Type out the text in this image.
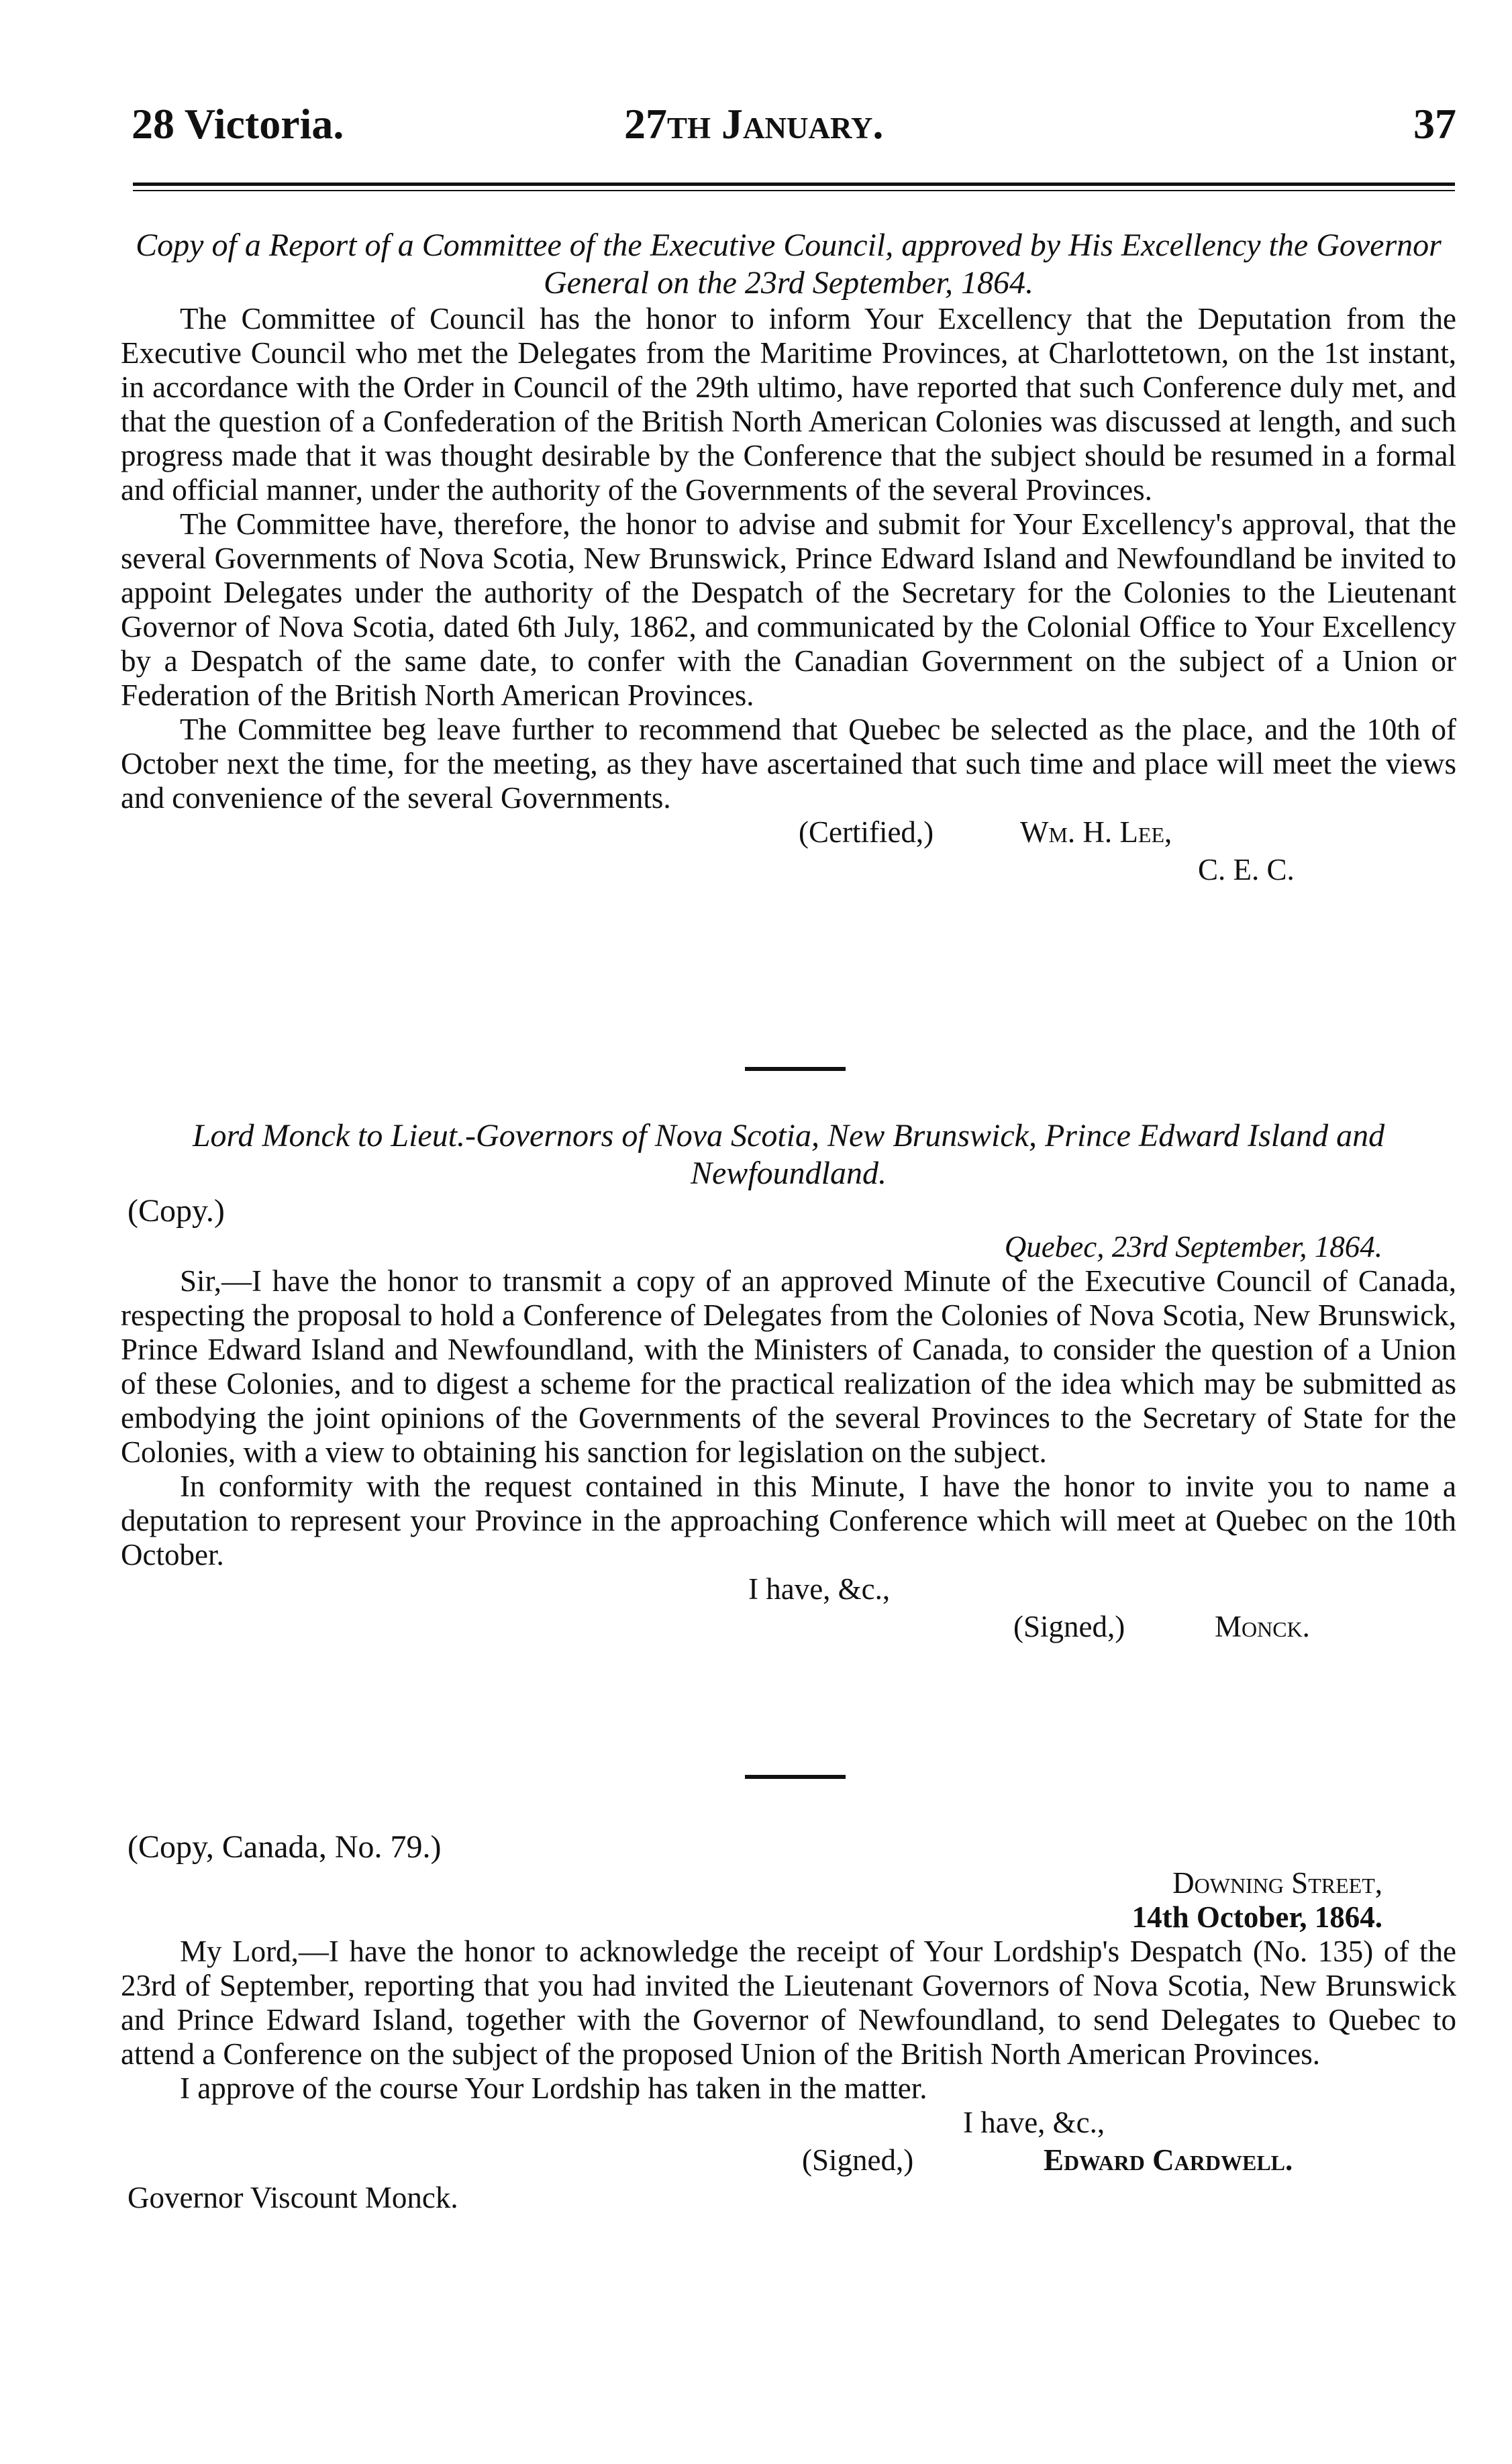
28 Victoria.	27th January.	37

Copy of a Report of a Committee of the Executive Council, approved by His Excellency the Governor General on the 23rd September, 1864.

The Committee of Council has the honor to inform Your Excellency that the Deputation from the Executive Council who met the Delegates from the Maritime Provinces, at Charlottetown, on the 1st instant, in accordance with the Order in Council of the 29th ultimo, have reported that such Conference duly met, and that the question of a Confederation of the British North American Colonies was discussed at length, and such progress made that it was thought desirable by the Conference that the subject should be resumed in a formal and official manner, under the authority of the Governments of the several Provinces.

The Committee have, therefore, the honor to advise and submit for Your Excellency's approval, that the several Governments of Nova Scotia, New Brunswick, Prince Edward Island and Newfoundland be invited to appoint Delegates under the authority of the Despatch of the Secretary for the Colonies to the Lieutenant Governor of Nova Scotia, dated 6th July, 1862, and communicated by the Colonial Office to Your Excellency by a Despatch of the same date, to confer with the Canadian Government on the subject of a Union or Federation of the British North American Provinces.

The Committee beg leave further to recommend that Quebec be selected as the place, and the 10th of October next the time, for the meeting, as they have ascertained that such time and place will meet the views and convenience of the several Governments.

(Certified,)	Wm. H. Lee,
C. E. C.

Lord Monck to Lieut.-Governors of Nova Scotia, New Brunswick, Prince Edward Island and Newfoundland.

(Copy.)
Quebec, 23rd September, 1864.

Sir,—I have the honor to transmit a copy of an approved Minute of the Executive Council of Canada, respecting the proposal to hold a Conference of Delegates from the Colonies of Nova Scotia, New Brunswick, Prince Edward Island and Newfoundland, with the Ministers of Canada, to consider the question of a Union of these Colonies, and to digest a scheme for the practical realization of the idea which may be submitted as embodying the joint opinions of the Governments of the several Provinces to the Secretary of State for the Colonies, with a view to obtaining his sanction for legislation on the subject.

In conformity with the request contained in this Minute, I have the honor to invite you to name a deputation to represent your Province in the approaching Conference which will meet at Quebec on the 10th October.

I have, &c.,
(Signed,)	Monck.
(Copy, Canada, No. 79.)
Downing Street,
14th October, 1864.

My Lord,—I have the honor to acknowledge the receipt of Your Lordship's Despatch (No. 135) of the 23rd of September, reporting that you had invited the Lieutenant Governors of Nova Scotia, New Brunswick and Prince Edward Island, together with the Governor of Newfoundland, to send Delegates to Quebec to attend a Conference on the subject of the proposed Union of the British North American Provinces.

I approve of the course Your Lordship has taken in the matter.

I have, &c.,
(Signed,)	Edward Cardwell.
Governor Viscount Monck.
